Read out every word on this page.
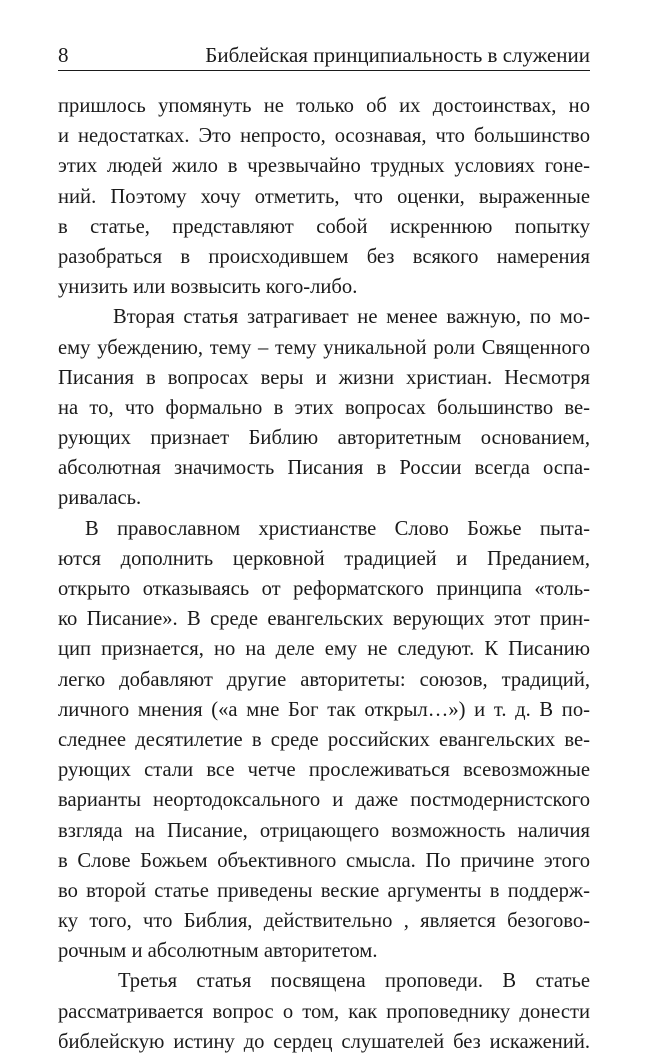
8	Библейская принципиальность в служении
пришлось упомянуть не только об их достоинствах, но
и недостатках. Это непросто, осознавая, что большинство
этих людей жило в чрезвычайно трудных условиях гоне-
ний. Поэтому хочу отметить, что оценки, выраженные
в статье, представляют собой искреннюю попытку
разобраться в происходившем без всякого намерения
унизить или возвысить кого-либо.
Вторая статья затрагивает не менее важную, по мо-
ему убеждению, тему – тему уникальной роли Священного
Писания в вопросах веры и жизни христиан. Несмотря
на то, что формально в этих вопросах большинство ве-
рующих признает Библию авторитетным основанием,
абсолютная значимость Писания в России всегда оспа-
ривалась.
В православном христианстве Слово Божье пыта-
ются дополнить церковной традицией и Преданием,
открыто отказываясь от реформатского принципа «толь-
ко Писание». В среде евангельских верующих этот прин-
цип признается, но на деле ему не следуют. К Писанию
легко добавляют другие авторитеты: союзов, традиций,
личного мнения («а мне Бог так открыл…») и т. д. В по-
следнее десятилетие в среде российских евангельских ве-
рующих стали все четче прослеживаться всевозможные
варианты неортодоксального и даже постмодернистского
взгляда на Писание, отрицающего возможность наличия
в Слове Божьем объективного смысла. По причине этого
во второй статье приведены веские аргументы в поддерж-
ку того, что Библия, действительно , является безогово-
рочным и абсолютным авторитетом.
Третья статья посвящена проповеди. В статье
рассматривается вопрос о том, как проповеднику донести
библейскую истину до сердец слушателей без искажений.
